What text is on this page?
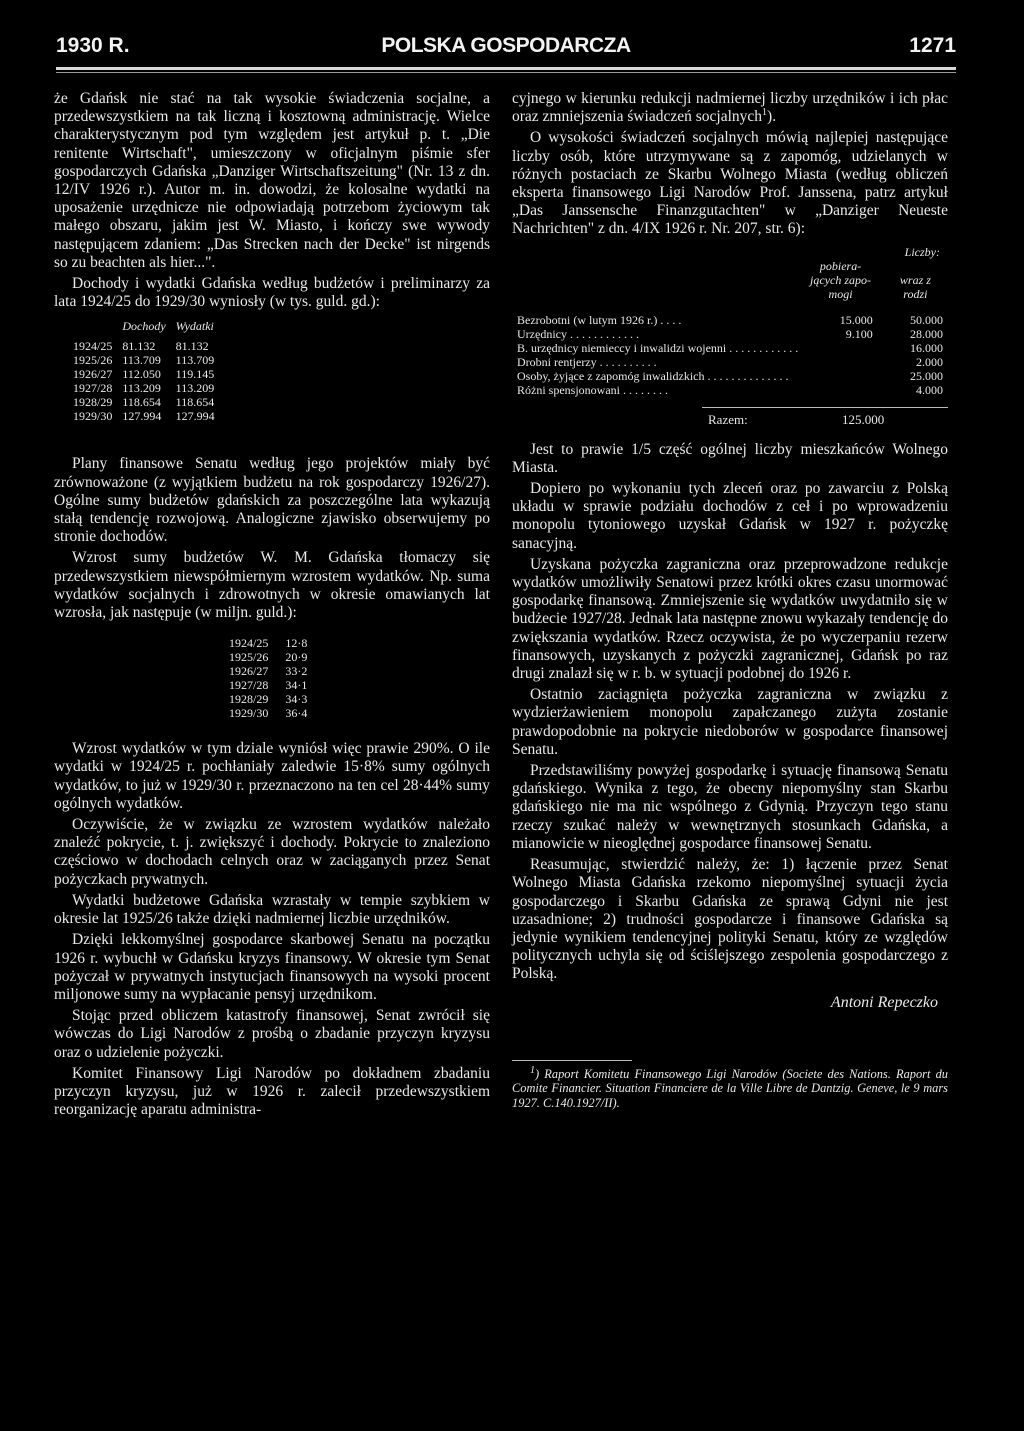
1930 R.	POLSKA GOSPODARCZA	1271

że Gdańsk nie stać na tak wysokie świadczenia socjalne, a przedewszystkiem na tak liczną i kosztowną administrację. Wielce charakterystycznym pod tym względem jest artykuł p. t. „Die renitente Wirtschaft", umieszczony w oficjalnym piśmie sfer gospodarczych Gdańska „Danziger Wirtschaftszeitung" (Nr. 13 z dn. 12/IV 1926 r.). Autor m. in. dowodzi, że kolosalne wydatki na uposażenie urzędnicze nie odpowiadają potrzebom życiowym tak małego obszaru, jakim jest W. Miasto, i kończy swe wywody następującem zdaniem: „Das Strecken nach der Decke" ist nirgends so zu beachten als hier...".

Dochody i wydatki Gdańska według budżetów i preliminarzy za lata 1924/25 do 1929/30 wyniosły (w tys. guld. gd.):

	Dochody	Wydatki
1924/25	81.132	81.132
1925/26	113.709	113.709
1926/27	112.050	119.145
1927/28	113.209	113.209
1928/29	118.654	118.654
1929/30	127.994	127.994

Plany finansowe Senatu według jego projektów miały być zrównoważone (z wyjątkiem budżetu na rok gospodarczy 1926/27). Ogólne sumy budżetów gdańskich za poszczególne lata wykazują stałą tendencję rozwojową. Analogiczne zjawisko obserwujemy po stronie dochodów.

Wzrost sumy budżetów W. M. Gdańska tłomaczy się przedewszystkiem niewspółmiernym wzrostem wydatków. Np. suma wydatków socjalnych i zdrowotnych w okresie omawianych lat wzrosła, jak następuje (w miljn. guld.):

1924/25	12·8
1925/26	20·9
1926/27	33·2
1927/28	34·1
1928/29	34·3
1929/30	36·4

Wzrost wydatków w tym dziale wyniósł więc prawie 290%. O ile wydatki w 1924/25 r. pochłaniały zaledwie 15·8% sumy ogólnych wydatków, to już w 1929/30 r. przeznaczono na ten cel 28·44% sumy ogólnych wydatków.

Oczywiście, że w związku ze wzrostem wydatków należało znaleźć pokrycie, t. j. zwiększyć i dochody. Pokrycie to znaleziono częściowo w dochodach celnych oraz w zaciąganych przez Senat pożyczkach prywatnych.

Wydatki budżetowe Gdańska wzrastały w tempie szybkiem w okresie lat 1925/26 także dzięki nadmiernej liczbie urzędników.

Dzięki lekkomyślnej gospodarce skarbowej Senatu na początku 1926 r. wybuchł w Gdańsku kryzys finansowy. W okresie tym Senat pożyczał w prywatnych instytucjach finansowych na wysoki procent miljonowe sumy na wypłacanie pensyj urzędnikom.

Stojąc przed obliczem katastrofy finansowej, Senat zwrócił się wówczas do Ligi Narodów z prośbą o zbadanie przyczyn kryzysu oraz o udzielenie pożyczki.

Komitet Finansowy Ligi Narodów po dokładnem zbadaniu przyczyn kryzysu, już w 1926 r. zalecił przedewszystkiem reorganizację aparatu administra-

cyjnego w kierunku redukcji nadmiernej liczby urzędników i ich płac oraz zmniejszenia świadczeń socjalnych$^1$).

O wysokości świadczeń socjalnych mówią najlepiej następujące liczby osób, które utrzymywane są z zapomóg, udzielanych w różnych postaciach ze Skarbu Wolnego Miasta (według obliczeń eksperta finansowego Ligi Narodów Prof. Janssena, patrz artykuł „Das Janssensche Finanzgutachten" w „Danziger Neueste Nachrichten" z dn. 4/IX 1926 r. Nr. 207, str. 6):

	Liczby:	
	pobiera-jących zapo-mogi	wraz z rodzi

Bezrobotni (w lutym 1926 r.) . . . .	15.000	50.000
Urzędnicy . . . . . . . . . . . .	9.100	28.000
B. urzędnicy niemieccy i inwalidzi wojenni . . . . . . . . . . . .		16.000
Drobni rentjerzy . . . . . . . . . .		2.000
Osoby, żyjące z zapomóg inwalidzkich . . . . . . . . . . . . . .		25.000
Różni spensjonowani . . . . . . . .		4.000
Razem:	125.000

Jest to prawie 1/5 część ogólnej liczby mieszkańców Wolnego Miasta.

Dopiero po wykonaniu tych zleceń oraz po zawarciu z Polską układu w sprawie podziału dochodów z ceł i po wprowadzeniu monopolu tytoniowego uzyskał Gdańsk w 1927 r. pożyczkę sanacyjną.

Uzyskana pożyczka zagraniczna oraz przeprowadzone redukcje wydatków umożliwiły Senatowi przez krótki okres czasu unormować gospodarkę finansową. Zmniejszenie się wydatków uwydatniło się w budżecie 1927/28. Jednak lata następne znowu wykazały tendencję do zwiększania wydatków. Rzecz oczywista, że po wyczerpaniu rezerw finansowych, uzyskanych z pożyczki zagranicznej, Gdańsk po raz drugi znalazł się w r. b. w sytuacji podobnej do 1926 r.

Ostatnio zaciągnięta pożyczka zagraniczna w związku z wydzierżawieniem monopolu zapałczanego zużyta zostanie prawdopodobnie na pokrycie niedoborów w gospodarce finansowej Senatu.

Przedstawiliśmy powyżej gospodarkę i sytuację finansową Senatu gdańskiego. Wynika z tego, że obecny niepomyślny stan Skarbu gdańskiego nie ma nic wspólnego z Gdynią. Przyczyn tego stanu rzeczy szukać należy w wewnętrznych stosunkach Gdańska, a mianowicie w nieoględnej gospodarce finansowej Senatu.

Reasumując, stwierdzić należy, że: 1) łączenie przez Senat Wolnego Miasta Gdańska rzekomo niepomyślnej sytuacji życia gospodarczego i Skarbu Gdańska ze sprawą Gdyni nie jest uzasadnione; 2) trudności gospodarcze i finansowe Gdańska są jedynie wynikiem tendencyjnej polityki Senatu, który ze względów politycznych uchyla się od ściślejszego zespolenia gospodarczego z Polską.

Antoni Repeczko

$^1$) Raport Komitetu Finansowego Ligi Narodów (Societe des Nations. Raport du Comite Financier. Situation Financiere de la Ville Libre de Dantzig. Geneve, le 9 mars 1927. C.140.1927/II).
